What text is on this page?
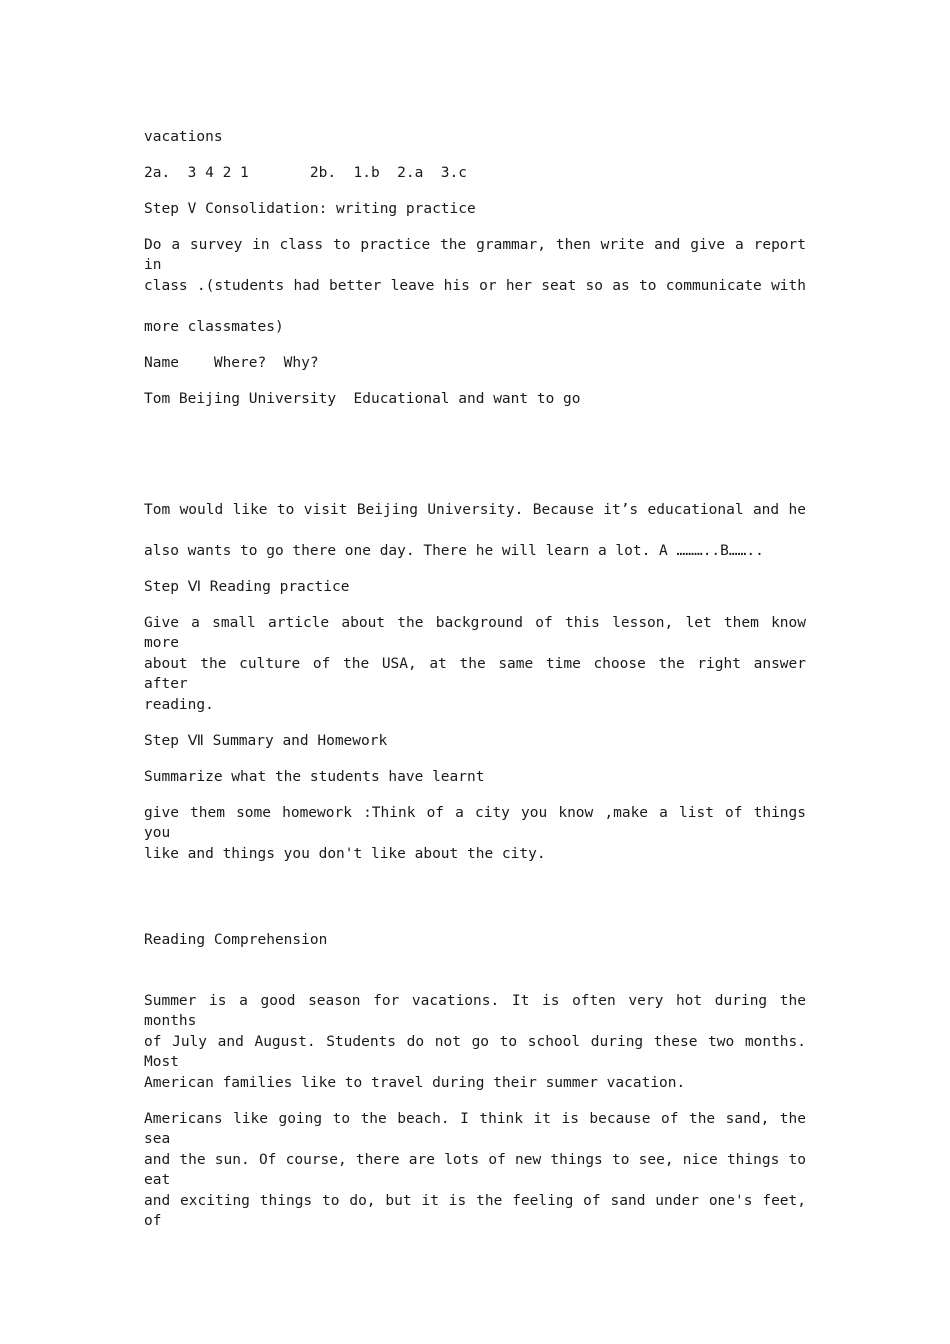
vacations

2a.  3 4 2 1       2b.  1.b  2.a  3.c

Step V Consolidation: writing practice

Do a survey in class to practice the grammar, then write and give a report in

class .(students had better leave his or her seat so as to communicate with

more classmates)

Name    Where?  Why?

Tom Beijing University  Educational and want to go

Tom would like to visit Beijing University. Because it’s educational and he

also wants to go there one day. There he will learn a lot. A ………..B……..

Step Ⅵ Reading practice

Give a small article about the background of this lesson, let them know more

about the culture of the USA, at the same time choose the right answer after

reading.

Step Ⅶ Summary and Homework

Summarize what the students have learnt

give them some homework :Think of a city you know ,make a list of things you

like and things you don't like about the city.

Reading Comprehension

Summer is a good season for vacations. It is often very hot during the months

of July and August. Students do not go to school during these two months. Most

American families like to travel during their summer vacation.

Americans like going to the beach. I think it is because of the sand, the sea

and the sun. Of course, there are lots of new things to see, nice things to eat

and exciting things to do, but it is the feeling of sand under one's feet, of
